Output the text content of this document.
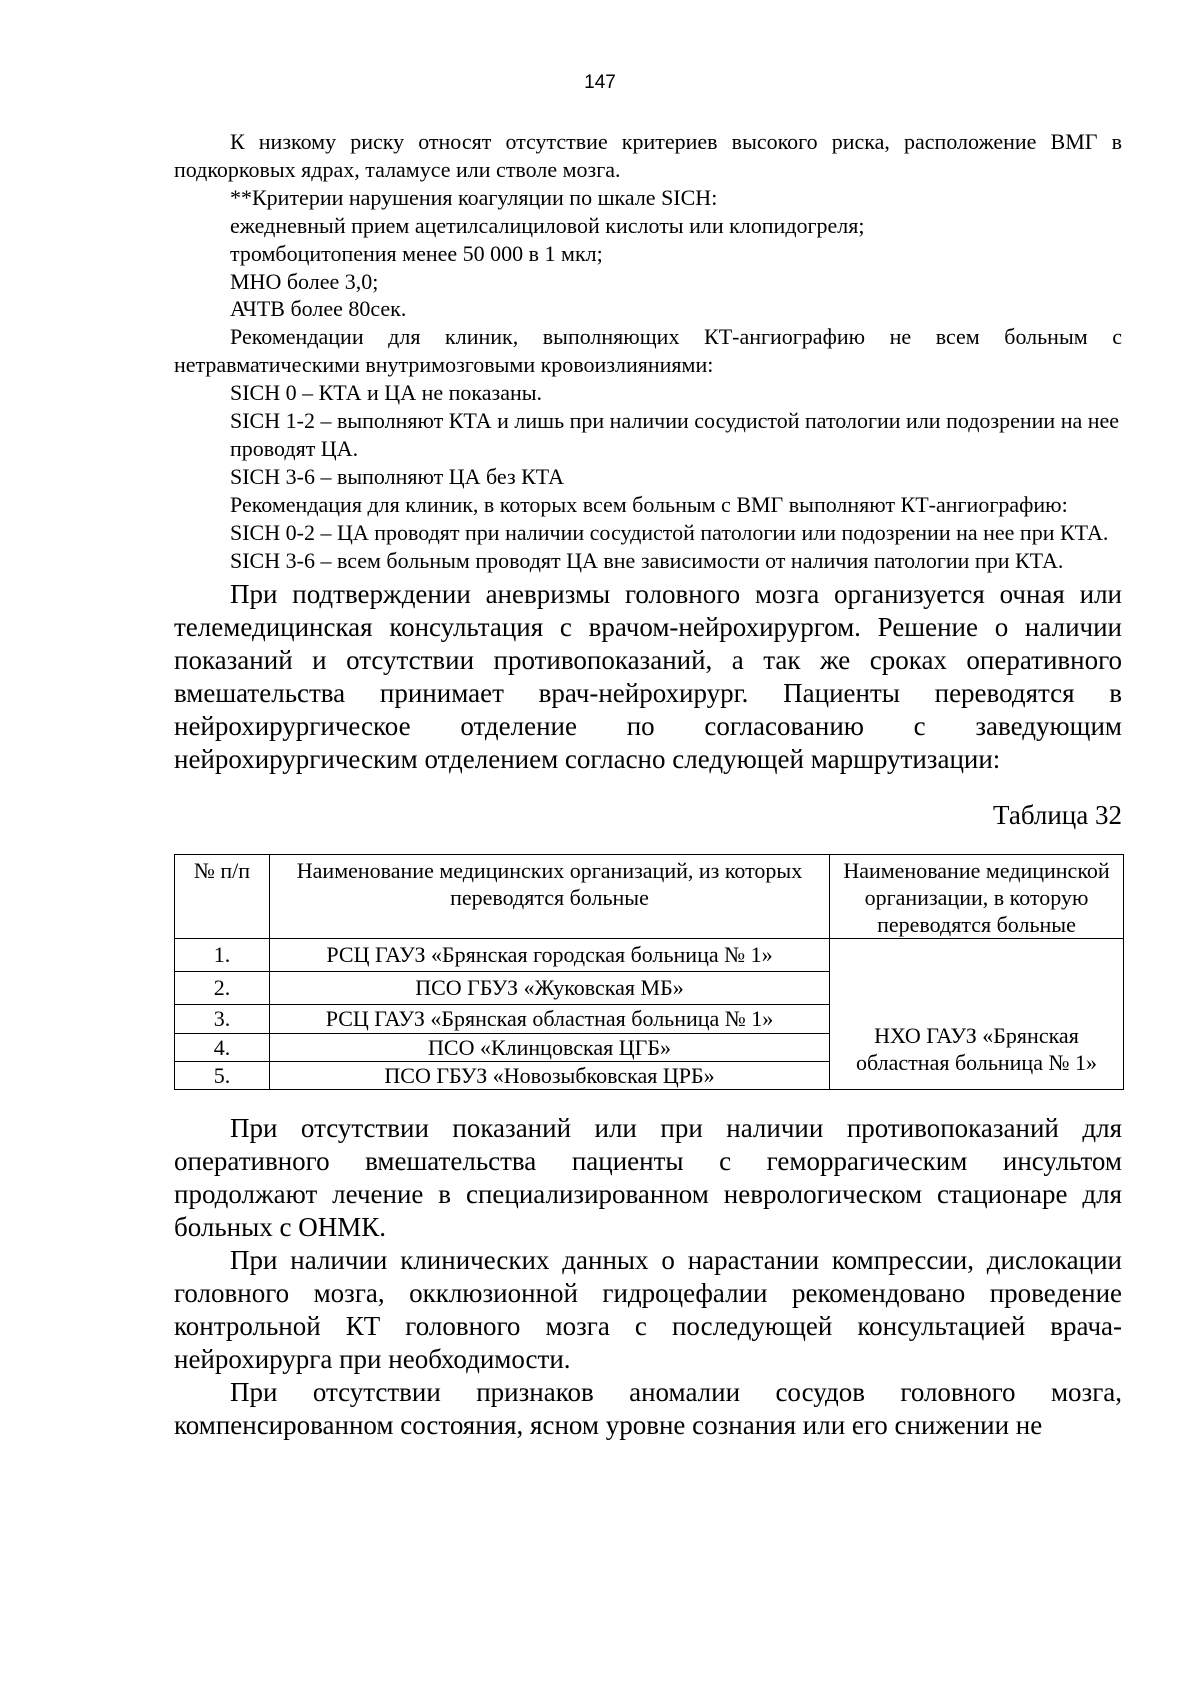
147

К низкому риску относят отсутствие критериев высокого риска, расположение ВМГ в подкорковых ядрах, таламусе или стволе мозга.

**Критерии нарушения коагуляции по шкале SICH:

ежедневный прием ацетилсалициловой кислоты или клопидогреля;

тромбоцитопения менее 50 000 в 1 мкл;

МНО более 3,0;

АЧТВ более 80сек.

Рекомендации для клиник, выполняющих КТ-ангиографию не всем больным с нетравматическими внутримозговыми кровоизлияниями:

SICH 0 – КТА и ЦА не показаны.

SICH 1-2 – выполняют КТА и лишь при наличии сосудистой патологии или подозрении на нее проводят ЦА.

SICH 3-6 – выполняют ЦА без КТА

Рекомендация для клиник, в которых всем больным с ВМГ выполняют КТ-ангиографию:

SICH 0-2 – ЦА проводят при наличии сосудистой патологии или подозрении на нее при КТА.

SICH 3-6 – всем больным проводят ЦА вне зависимости от наличия патологии при КТА.

При подтверждении аневризмы головного мозга организуется очная или телемедицинская консультация с врачом-нейрохирургом. Решение о наличии показаний и отсутствии противопоказаний, а так же сроках оперативного вмешательства принимает врач-нейрохирург. Пациенты переводятся в нейрохирургическое отделение по согласованию с заведующим нейрохирургическим отделением согласно следующей маршрутизации:

Таблица 32
№ п/п	Наименование медицинских организаций, из которых переводятся больные	Наименование медицинской организации, в которую переводятся больные
1.	РСЦ ГАУЗ «Брянская городская больница № 1»	НХО ГАУЗ «Брянская областная больница № 1»
2.	ПСО ГБУЗ «Жуковская МБ»	
3.	РСЦ ГАУЗ «Брянская областная больница № 1»	
4.	ПСО «Клинцовская ЦГБ»	
5.	ПСО ГБУЗ «Новозыбковская ЦРБ»	

При отсутствии показаний или при наличии противопоказаний для оперативного вмешательства пациенты с геморрагическим инсультом продолжают лечение в специализированном неврологическом стационаре для больных с ОНМК.

При наличии клинических данных о нарастании компрессии, дислокации головного мозга, окклюзионной гидроцефалии рекомендовано проведение контрольной КТ головного мозга с последующей консультацией врача-нейрохирурга при необходимости.

При отсутствии признаков аномалии сосудов головного мозга, компенсированном состояния, ясном уровне сознания или его снижении не
